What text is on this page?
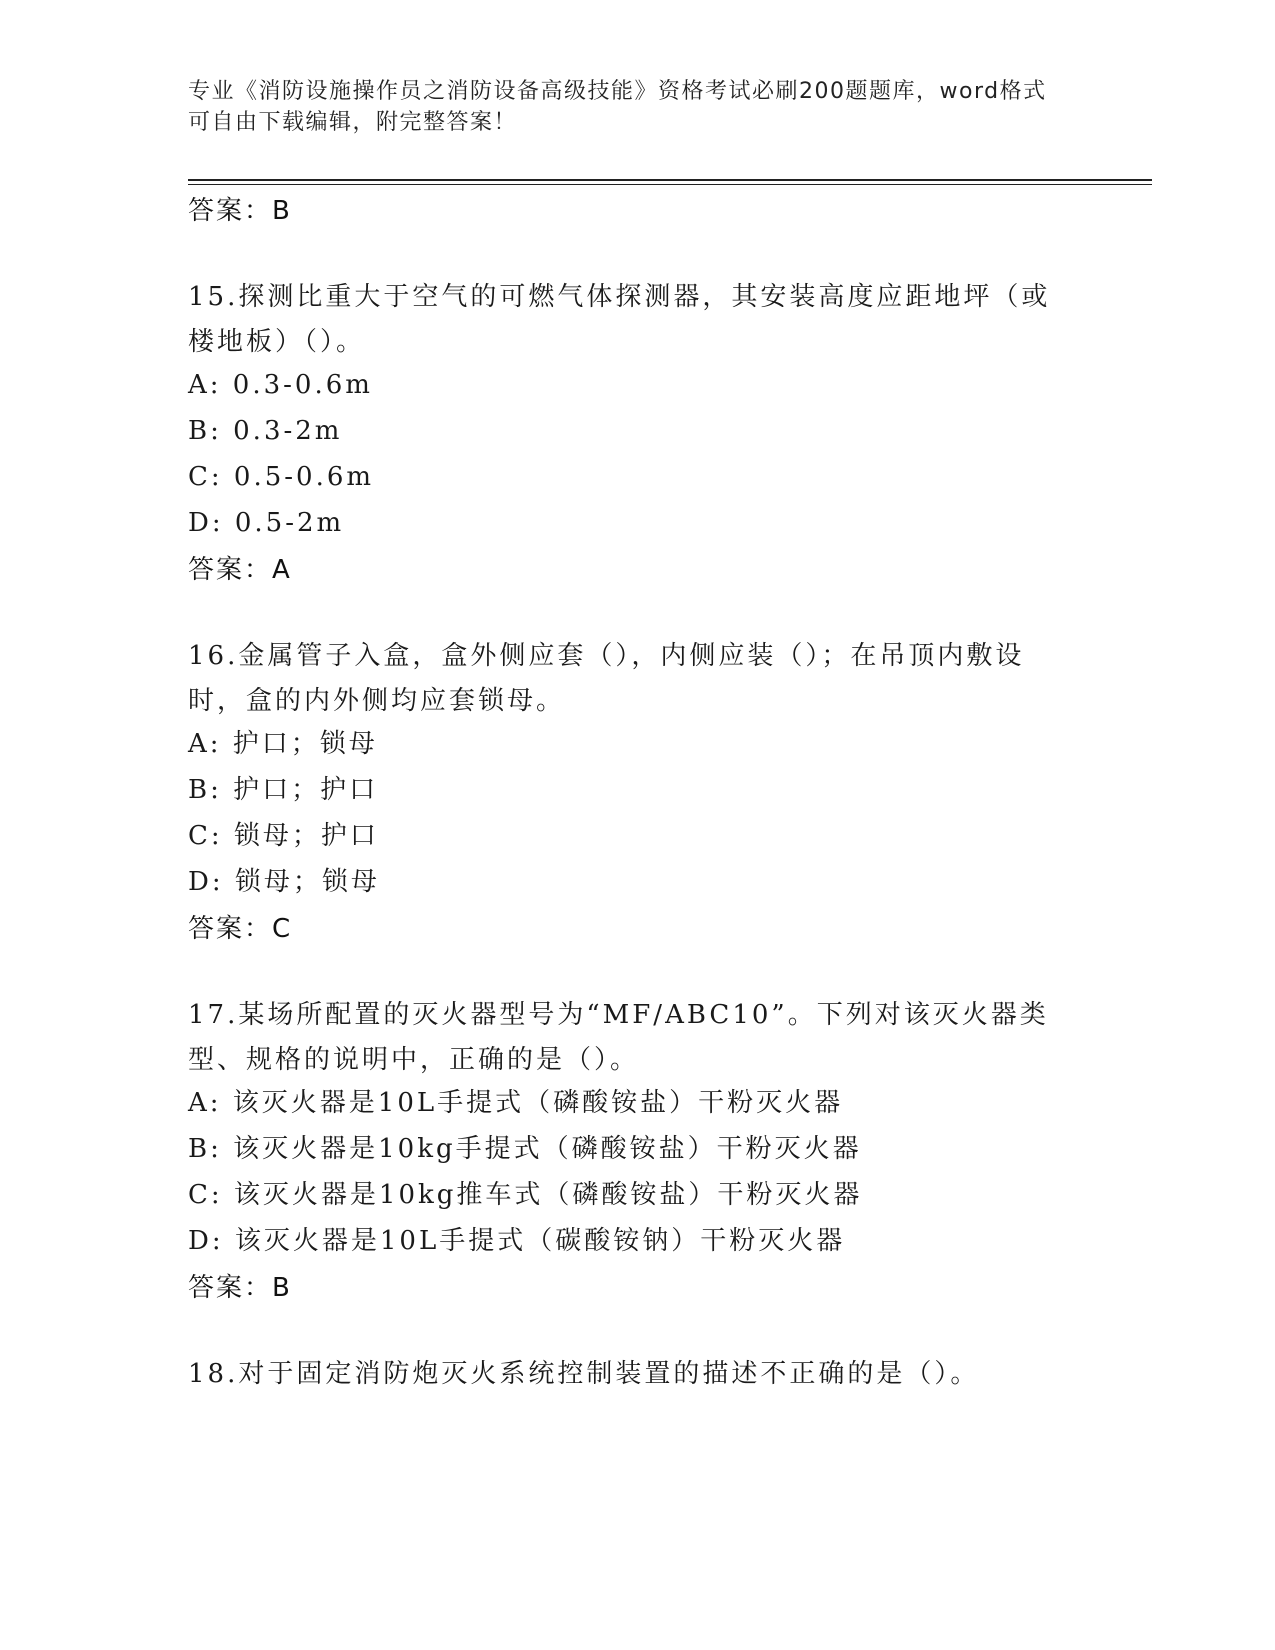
专业《消防设施操作员之消防设备高级技能》资格考试必刷200题题库，word格式可自由下载编辑，附完整答案！
答案：B
15.探测比重大于空气的可燃气体探测器，其安装高度应距地坪（或楼地板）（）。
A: 0.3-0.6m
B: 0.3-2m
C: 0.5-0.6m
D: 0.5-2m
答案：A
16.金属管子入盒，盒外侧应套（），内侧应装（）；在吊顶内敷设时，盒的内外侧均应套锁母。
A: 护口；锁母
B: 护口；护口
C: 锁母；护口
D: 锁母；锁母
答案：C
17.某场所配置的灭火器型号为“MF/ABC10”。下列对该灭火器类型、规格的说明中，正确的是（）。
A: 该灭火器是10L手提式（磷酸铵盐）干粉灭火器
B: 该灭火器是10kg手提式（磷酸铵盐）干粉灭火器
C: 该灭火器是10kg推车式（磷酸铵盐）干粉灭火器
D: 该灭火器是10L手提式（碳酸铵钠）干粉灭火器
答案：B
18.对于固定消防炮灭火系统控制装置的描述不正确的是（）。
